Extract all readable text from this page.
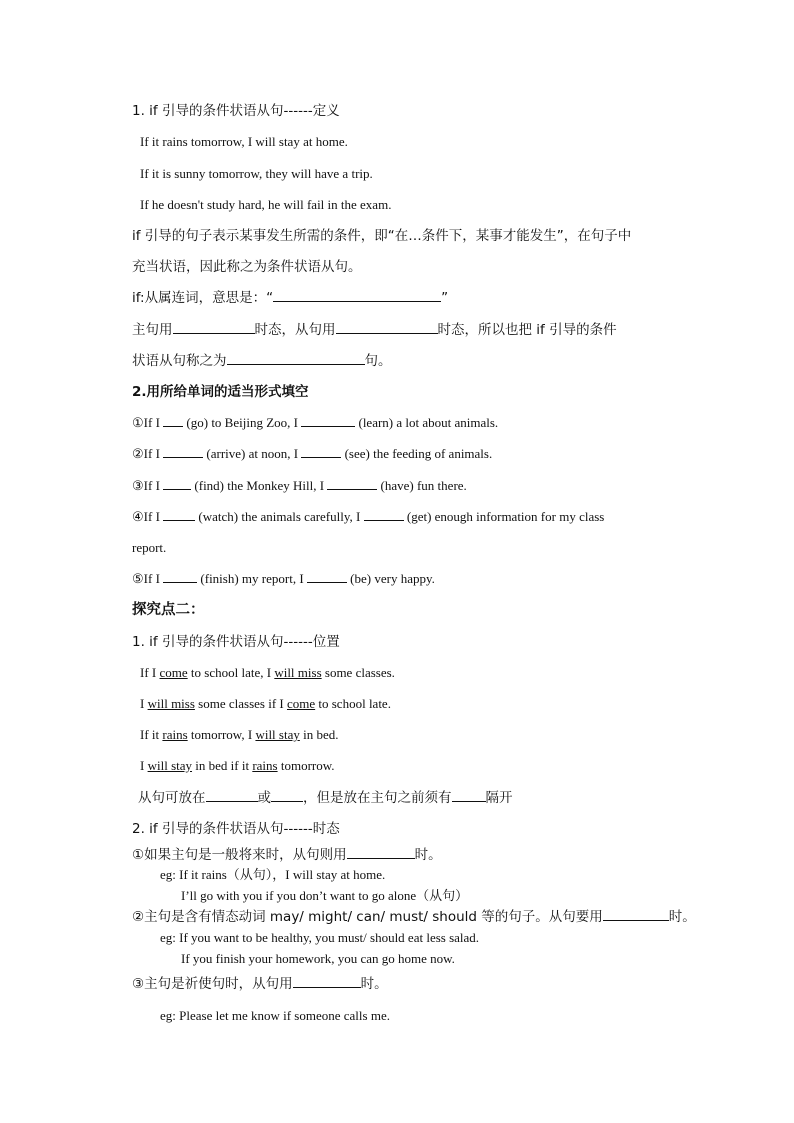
1. if 引导的条件状语从句------定义
If it rains tomorrow, I will stay at home.
If it is sunny tomorrow, they will have a trip.
If he doesn't study hard, he will fail in the exam.
if 引导的句子表示某事发生所需的条件，即“在…条件下，某事才能发生”，在句子中
充当状语，因此称之为条件状语从句。
if:从属连词，意思是：“	”
主句用	时态，从句用	时态，所以也把 if 引导的条件
状语从句称之为	句。
2.用所给单词的适当形式填空
①If I  (go) to Beijing Zoo, I	(learn) a lot about animals.
②If I	(arrive) at noon, I	(see) the feeding of animals.
③If I  (find) the Monkey Hill, I	(have) fun there.
④If I  (watch) the animals carefully, I	(get) enough information for my class
report.
⑤If I	(finish) my report, I	(be) very happy.
探究点二：
1. if 引导的条件状语从句------位置
If I come to school late, I will miss some classes.
I will miss some classes if I come to school late.
If it rains tomorrow, I will stay in bed.
I will stay in bed if it rains tomorrow.
从句可放在	或 ，但是放在主句之前须有	隔开
2. if 引导的条件状语从句------时态
①如果主句是一般将来时，从句则用	时。
eg: If it rains（从句），I will stay at home.
I’ll go with you if you don’t want to go alone（从句）
②主句是含有情态动词 may/ might/ can/ must/ should 等的句子。从句要用	时。
eg: If you want to be healthy, you must/ should eat less salad.
If you finish your homework, you can go home now.
③主句是祈使句时，从句用	时。
eg: Please let me know if someone calls me.
